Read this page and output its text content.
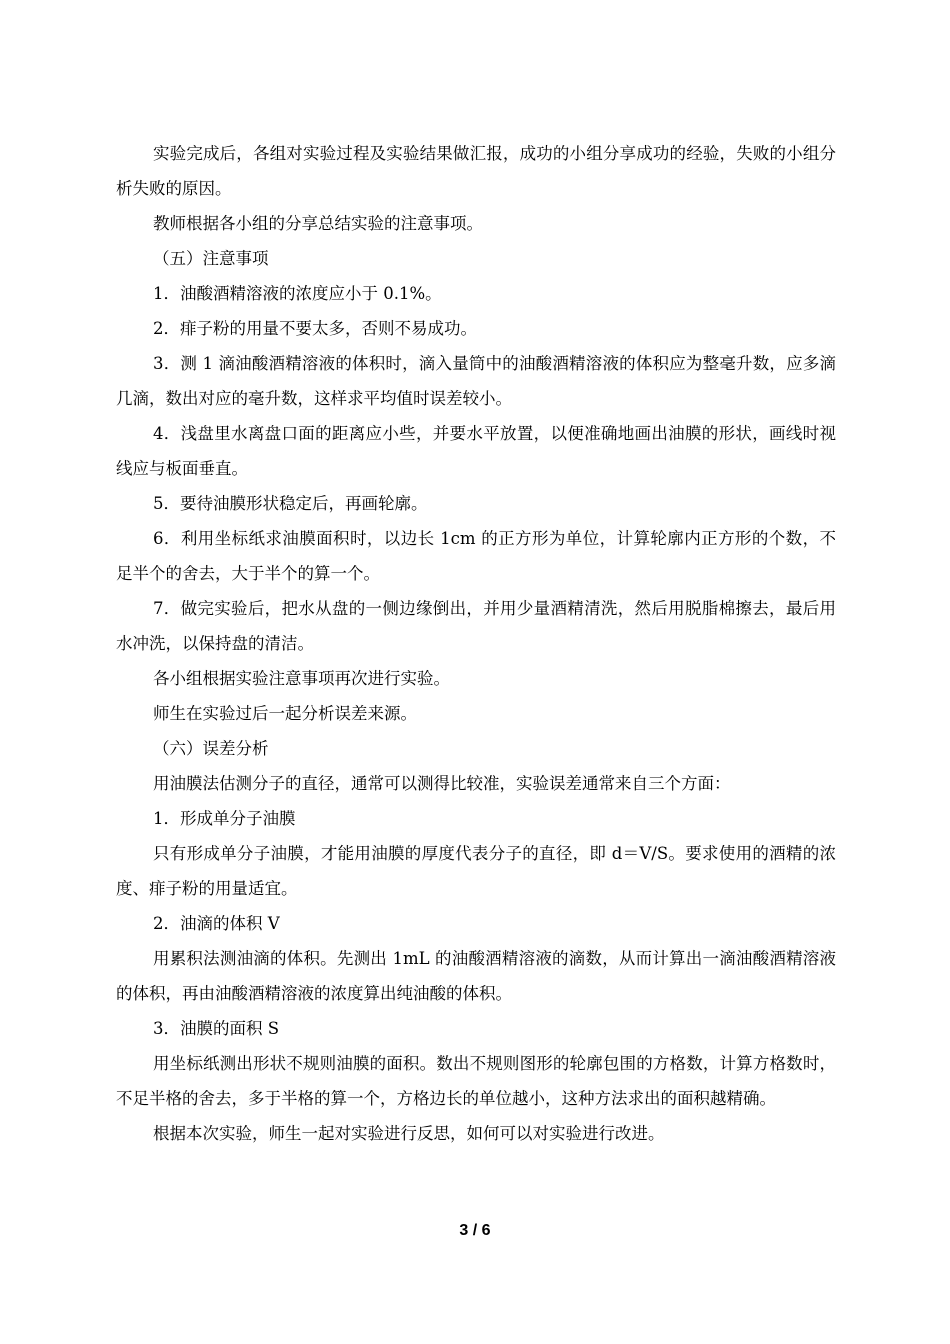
实验完成后，各组对实验过程及实验结果做汇报，成功的小组分享成功的经验，失败的小组分析失败的原因。

教师根据各小组的分享总结实验的注意事项。

（五）注意事项

1．油酸酒精溶液的浓度应小于 0.1%。

2．痱子粉的用量不要太多，否则不易成功。

3．测 1 滴油酸酒精溶液的体积时，滴入量筒中的油酸酒精溶液的体积应为整毫升数，应多滴几滴，数出对应的毫升数，这样求平均值时误差较小。

4．浅盘里水离盘口面的距离应小些，并要水平放置，以便准确地画出油膜的形状，画线时视线应与板面垂直。

5．要待油膜形状稳定后，再画轮廓。

6．利用坐标纸求油膜面积时，以边长 1cm 的正方形为单位，计算轮廓内正方形的个数，不足半个的舍去，大于半个的算一个。

7．做完实验后，把水从盘的一侧边缘倒出，并用少量酒精清洗，然后用脱脂棉擦去，最后用水冲洗，以保持盘的清洁。

各小组根据实验注意事项再次进行实验。

师生在实验过后一起分析误差来源。

（六）误差分析

用油膜法估测分子的直径，通常可以测得比较准，实验误差通常来自三个方面：

1．形成单分子油膜

只有形成单分子油膜，才能用油膜的厚度代表分子的直径，即 d＝V/S。要求使用的酒精的浓度、痱子粉的用量适宜。

2．油滴的体积 V

用累积法测油滴的体积。先测出 1mL 的油酸酒精溶液的滴数，从而计算出一滴油酸酒精溶液的体积，再由油酸酒精溶液的浓度算出纯油酸的体积。

3．油膜的面积 S

用坐标纸测出形状不规则油膜的面积。数出不规则图形的轮廓包围的方格数，计算方格数时，不足半格的舍去，多于半格的算一个，方格边长的单位越小，这种方法求出的面积越精确。

根据本次实验，师生一起对实验进行反思，如何可以对实验进行改进。

3 / 6
